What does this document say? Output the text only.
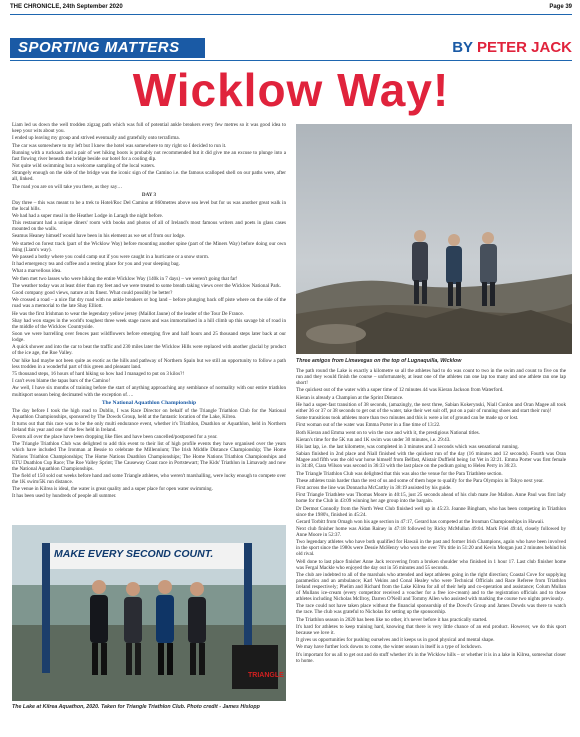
THE CHRONICLE, 24th September 2020	Page 39
SPORTING MATTERS	BY PETER JACK
Wicklow Way!

Liam led us down the well trodden zigzag path which was full of potential ankle breakers every few metres so it was good idea to keep your wits about you.

I ended up leaving my group and strived eventually and gratefully onto terrafirma.

The car was somewhere to my left but I knew the hotel was somewhere to my right so I decided to run it.

Running with a rucksack and a pair of wet hiking boots is probably not recommended but it did give me an excuse to plunge into a fast flowing river beneath the bridge beside our hotel for a cooling dip.

Not quite wild swimming but a welcome sampling of the local waters.

Strangely enough on the side of the bridge was the iconic sign of the Camino i.e. the famous scalloped shell on our paths were, after all, linked.

The road you are on will take you there, as they say…

DAY 3

Day three – this was meant to be a trek to Hotel/Roc Del Camino at 860metres above sea level but for us was another great walk in the local hills.

We had had a super meal in the Heather Lodge in Laragh the night before.

This restaurant had a unique diners' room with books and photos of all of Ireland's most famous writers and poets in glass cases mounted on the walls.

Seamus Heaney himself would have been in his element as we set of from our lodge.

We started on forest track (part of the Wicklow Way) before mounting another spine (part of the Miners Way) before doing our own thing (Liam's way).

We passed a bothy where you could camp out if you were caught in a hurricane or a snow storm.

It had emergency tea and coffee and a resting place for you and your sleeping bag.

What a marvellous idea.

We then met two lasses who were hiking the entire Wicklow Way (140k in 7 days) – we weren't going that far!

The weather today was at least drier than my feet and we were treated to some breath taking views over the Wicklow National Park.

Good company good views, nature at its finest. What could possibly be better?

We crossed a road – a nice flat dry road with no ankle breakers or bog land – before plunging back off piste where on the side of the road was a memorial to the late Shay Elliott.

He was the first Irishman to wear the legendary yellow jersey (Maillot Jaune) of the leader of the Tour De France.

Shay had won stages in the world's toughest three week stage races and was immortalised in a hill climb up this savage bit of road in the middle of the Wicklow Countryside.

Soon we were barrelling over fences past wildflowers before emerging five and half hours and 25 thousand steps later back at our lodge.

A quick shower and into the car to beat the traffic and 230 miles later the Wicklow Hills were replaced with another glacial by product of the ice age, the Roe Valley.

Our hike had maybe not been quite as exotic as the hills and pathway of Northern Spain but we still an opportunity to follow a path less trodden in a wonderful part of this green and pleasant land.

75 thousand steps, 16 hours of hard hiking so how had I managed to put on 3 kilos?!

I can't even blame the tapas bars of the Camino!

Aw well, I have six months of training before the start of anything approaching any semblance of normality with our entire triathlon multisport season being decimated with the exception of….

The National Aquathlon Championship

The day before I took the high road to Dublin, I was Race Director on behalf of the Triangle Triathlon Club for the National Aquathlon Championships, sponsored by The Dowds Group, held at the fantastic location of the Lake, Kilrea.

It turns out that this race was to be the only multi endurance event, whether it's Triathlon, Duathlon or Aquathlon, held in Northern Ireland this year and one of the few held in Ireland.

Events all over the place have been dropping like flies and have been cancelled/postponed for a year.

The Triangle Triathlon Club was delighted to add this event to their list of high profile events they have organised over the years which have included The Ironman at Bessie to celebrate the Millennium; The Irish Middle Distance Championship; The Home Nations Triathlon Championships; The Home Nations Duathlon Championships; The Home Nations Triathlon Championships and ETU Duathlon Cup Race; The Roe Valley Sprint; The Causeway Coast race in Portstewart; The Kids' Triathlon in Limavady and now the National Aquathlon Championships.

The field of 150 sold out weeks before hand and some Triangle athletes, who weren't marshalling, were lucky enough to compete over the 1K swim/5K run distance.

The venue in Kilrea is ideal, the water is great quality and a super place for open water swimming.

It has been used by hundreds of people all summer.

Three amigos from Limavegas on the top of Lugnaquilla, Wicklow

The path round the Lake is exactly a kilometre so all the athletes had to do was count to two in the swim and count to five on the run and they would finish the course – unfortunately, at least one of the athletes ran one lap too many and one athlete ran one lap short!

The quickest out of the water with a super time of 12 minutes 44 was Kieran Jackson from Waterford.

Kieran is already a Champion at the Sprint Distance.

He had a super-fast transition of 38 seconds, (amazingly, the next three, Sabian Kokerynski, Niall Conlon and Oran Magee all took either 36 or 37 or 38 seconds to get out of the water, take their wet suit off, put on a pair of running shoes and start their run)!

Some transitions took athletes more than two minutes and this is were a lot of ground can be made up or lost.

First woman out of the water was Emma Porter in a fine time of 13:22.

Both Kieran and Emma went on to win the race and with it, the prestigious National titles.

Kieran's time for the 5K run and 1K swim was under 30 minutes, i.e. 29:43.

His last lap, i.e. the last kilometre, was completed in 3 minutes and 3 seconds which was sensational running.

Sabian finished in 2nd place and Niall finished with the quickest run of the day (16 minutes and 12 seconds). Fourth was Oran Magee and fifth was the old war horse himself from Belfast, Alistair Duffield being 1st Vet in 32:21. Emma Porter was first female in 34:48, Ciara Wilson was second in 36:33 with the last place on the podium going to Helen Perry in 36:23.

The Triangle Triathlon Club was delighted that this was also the venue for the Para Triathlete section.

These athletes train harder than the rest of us and some of them hope to qualify for the Para Olympics in Tokyo next year.

First across the line was Donnacha McCarthy in 38:19 assisted by his guide.

First Triangle Triathlete was Thomas Moore in 40:15, just 25 seconds ahead of his club mate Joe Mallon. Anne Paul was first lady home for the Club in 43:09 winning her age group into the bargain.

Dr Dermot Connolly from the North West Club finished well up in 45:23. Joanne Bingham, who has been competing in Triathlon since the 1980's, finished in 45:24.

Gerard Torbitt from Omagh won his age section in 47:17, Gerard has competed at the Ironman Championships in Hawaii.

Next club finisher home was Aidan Rainey in 47:18 followed by Ricky McMullan 49:04. Mark Friel 49:44, closely followed by Anne Moore in 52:37.

Two legendary athletes who have both qualified for Hawaii in the past and former Irish Champions, again who have been involved in the sport since the 1980s were Dessie McHenry who won the over 70's title in 51:20 and Kevin Morgan just 2 minutes behind his old rival.

Well done to last place finisher Anne Jack recovering from a broken shoulder who finished in 1 hour 17. Last club finisher home was Fergal Mackle who enjoyed the day out in 56 minutes and 55 seconds.

The club are indebted to all of the marshals who attended and kept athletes going in the right direction; Coastal Cove for supplying paramedics and an ambulance; Karl Vekins and Conal Healey who were Technical Officials and Race Referee from Triathlon Ireland respectively; Phelim and Richard from the Lake Kilrea for all of their help and co-operation and assistance; Colum Mullan of Mullans ice-cream (every competitor received a voucher for a free ice-cream) and to the registration officials and to those athletes including Nicholas McIlroy, Darren O'Neill and Tommy Allen who assisted with marking the course two nights previously.

The race could not have taken place without the financial sponsorship of the Dowd's Group and James Dowds was there to watch the race. The club was grateful to Nicholas for setting up the sponsorship.

The Triathlon season in 2020 has been like no other, it's never before it has practically started.

It's hard for athletes to keep training hard, knowing that there is very little chance of an end product. However, we do this sport because we love it.

It gives us opportunities for pushing ourselves and it keeps us in good physical and mental shape.

We may have further lock downs to come, the winter season in itself is a type of lockdown.

It's important for us all to get out and do stuff whether it's in the Wicklow hills – or whether it is in a lake in Kilrea, somewhat closer to home.

MAKE EVERY SECOND COUNT.
TRIANGLE
The Lake at Kilrea Aquathon, 2020. Taken for Triangle Triathlon Club. Photo credit - James Hislopp
